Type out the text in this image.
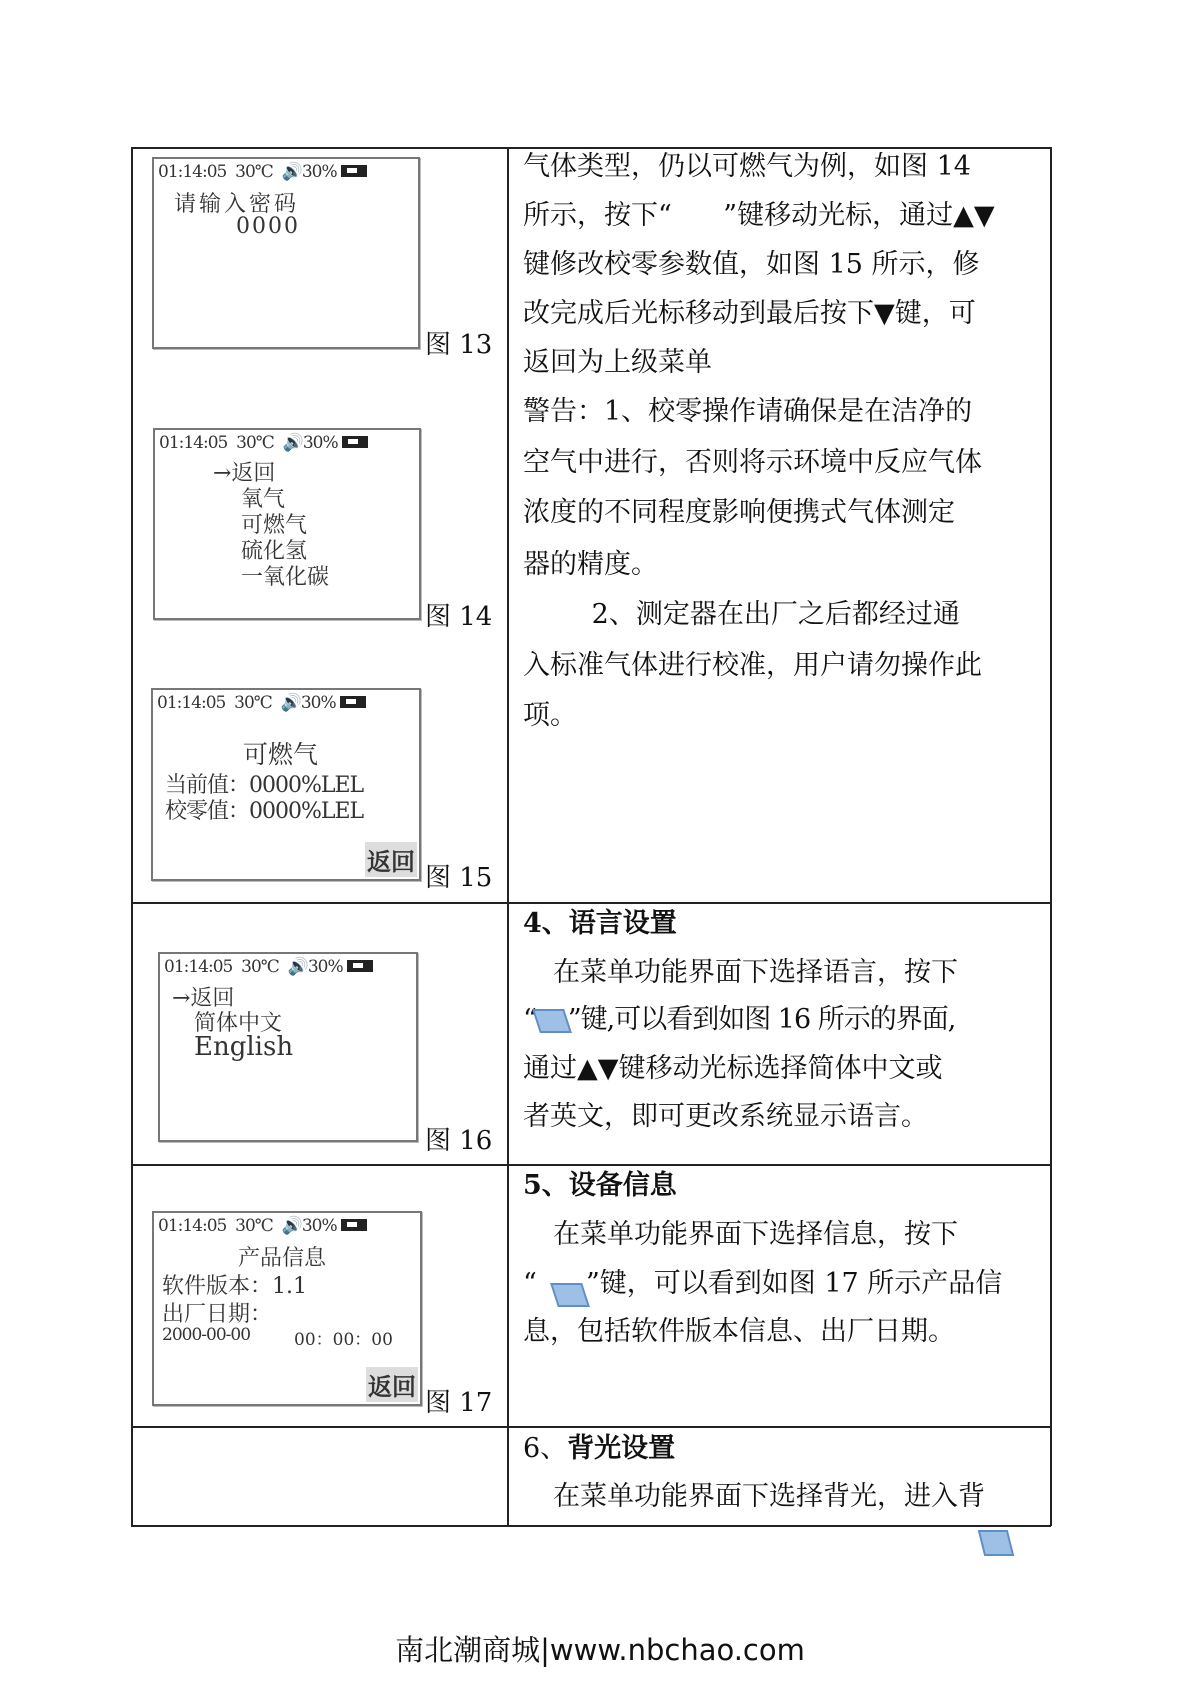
01:14:05 30℃ 🔊30%
请输入密码
0000
图 13
01:14:05 30℃ 🔊30%
→返回
氧气
可燃气
硫化氢
一氧化碳
图 14
01:14:05 30℃ 🔊30%
可燃气
当前值：0000%LEL
校零值：0000%LEL
返回
图 15
01:14:05 30℃ 🔊30%
→返回
简体中文
English
图 16
01:14:05 30℃ 🔊30%
产品信息
软件版本：1.1
出厂日期：
2000-00-00	00：00：00
返回
图 17
气体类型，仍以可燃气为例，如图 14
所示，按下“      ”键移动光标，通过▲▼
键修改校零参数值，如图 15 所示，修
改完成后光标移动到最后按下▼键，可
返回为上级菜单
警告：1、校零操作请确保是在洁净的
空气中进行，否则将示环境中反应气体
浓度的不同程度影响便携式气体测定
器的精度。
2、测定器在出厂之后都经过通
入标准气体进行校准，用户请勿操作此
项。
4、语言设置
在菜单功能界面下选择语言，按下
“ ”键,可以看到如图 16 所示的界面,
通过▲▼键移动光标选择简体中文或
者英文，即可更改系统显示语言。
5、设备信息
在菜单功能界面下选择信息，按下
“ ”键，可以看到如图 17 所示产品信
息，包括软件版本信息、出厂日期。
6、背光设置
在菜单功能界面下选择背光，进入背
南北潮商城|www.nbchao.com
